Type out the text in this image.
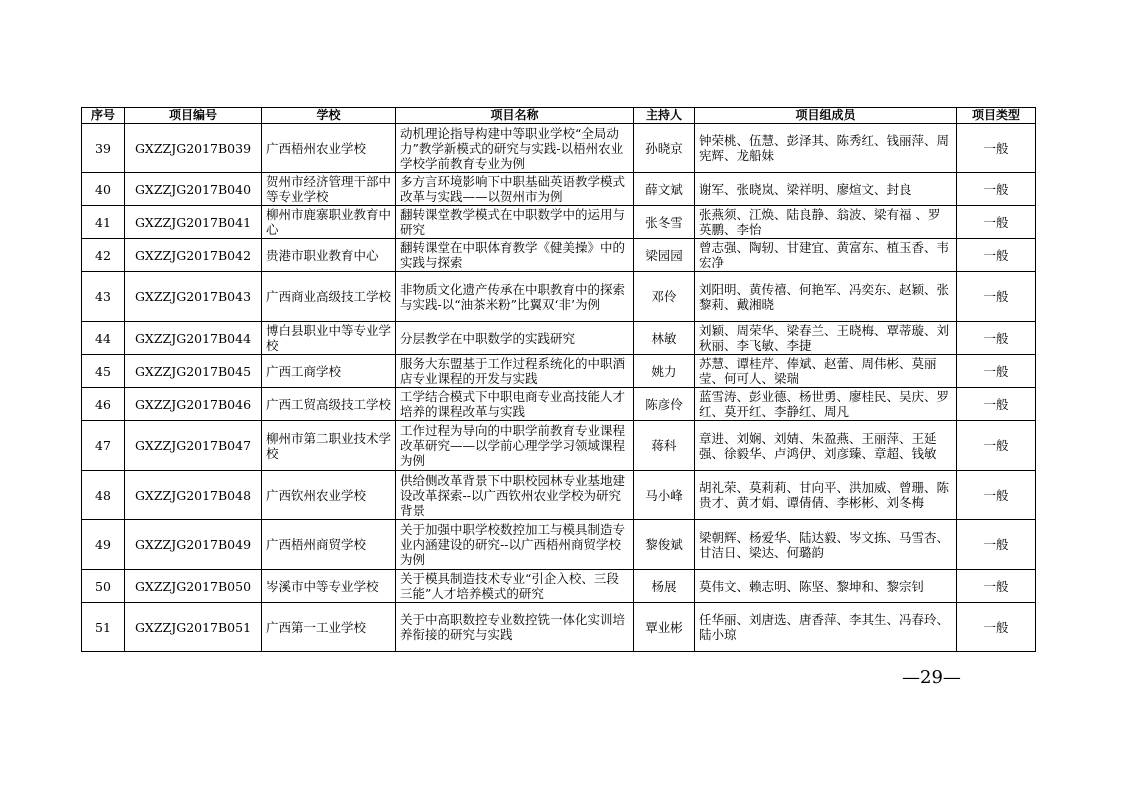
序号	项目编号	学校	项目名称	主持人	项目组成员	项目类型
39	GXZZJG2017B039	广西梧州农业学校	动机理论指导构建中等职业学校“全局动力”教学新模式的研究与实践-以梧州农业学校学前教育专业为例	孙晓京	钟荣桃、伍慧、彭泽其、陈秀红、钱丽萍、周宪辉、龙船妹	一般
40	GXZZJG2017B040	贺州市经济管理干部中等专业学校	多方言环境影响下中职基础英语教学模式改革与实践——以贺州市为例	薛文斌	谢军、张晓岚、梁祥明、廖煊文、封良	一般
41	GXZZJG2017B041	柳州市鹿寨职业教育中心	翻转课堂教学模式在中职数学中的运用与研究	张冬雪	张燕须、江焕、陆良静、翁波、梁有福 、罗英鹏、李怡	一般
42	GXZZJG2017B042	贵港市职业教育中心	翻转课堂在中职体育教学《健美操》中的实践与探索	梁园园	曾志强、陶轫、甘建宜、黄富东、植玉香、韦宏净	一般
43	GXZZJG2017B043	广西商业高级技工学校	非物质文化遗产传承在中职教育中的探索与实践-以“油茶米粉”比翼双‘非’为例	邓伶	刘阳明、黄传禧、何艳军、冯奕东、赵颖、张黎莉、戴湘晓	一般
44	GXZZJG2017B044	博白县职业中等专业学校	分层教学在中职数学的实践研究	林敏	刘颖、周荣华、梁春兰、王晓梅、覃蒂璇、刘秋丽、李飞敏、李捷	一般
45	GXZZJG2017B045	广西工商学校	服务大东盟基于工作过程系统化的中职酒店专业课程的开发与实践	姚力	苏慧、谭桂芹、俸斌、赵蕾、周伟彬、莫丽莹、何可人、梁瑞	一般
46	GXZZJG2017B046	广西工贸高级技工学校	工学结合模式下中职电商专业高技能人才培养的课程改革与实践	陈彦伶	蓝雪涛、彭业德、杨世勇、廖桂民、吴庆、罗红、莫开红、李静红、周凡	一般
47	GXZZJG2017B047	柳州市第二职业技术学校	工作过程为导向的中职学前教育专业课程改革研究——以学前心理学学习领域课程为例	蒋科	章进、刘娴、刘婧、朱盈燕、王丽萍、王延强、徐毅华、卢鸿伊、刘彦臻、章超、钱敏	一般
48	GXZZJG2017B048	广西钦州农业学校	供给侧改革背景下中职校园林专业基地建设改革探索--以广西钦州农业学校为研究背景	马小峰	胡礼荣、莫莉莉、甘向平、洪加威、曾珊、陈贵才、黄才娟、谭倩倩、李彬彬、刘冬梅	一般
49	GXZZJG2017B049	广西梧州商贸学校	关于加强中职学校数控加工与模具制造专业内涵建设的研究--以广西梧州商贸学校为例	黎俊斌	梁朝辉、杨爱华、陆达毅、岑文拣、马雪杏、甘洁日、梁达、何璐韵	一般
50	GXZZJG2017B050	岑溪市中等专业学校	关于模具制造技术专业“引企入校、三段三能”人才培养模式的研究	杨展	莫伟文、赖志明、陈坚、黎坤和、黎宗钊	一般
51	GXZZJG2017B051	广西第一工业学校	关于中高职数控专业数控铣一体化实训培养衔接的研究与实践	覃业彬	任华丽、刘唐选、唐香萍、李其生、冯春玲、陆小琼	一般
—29—
